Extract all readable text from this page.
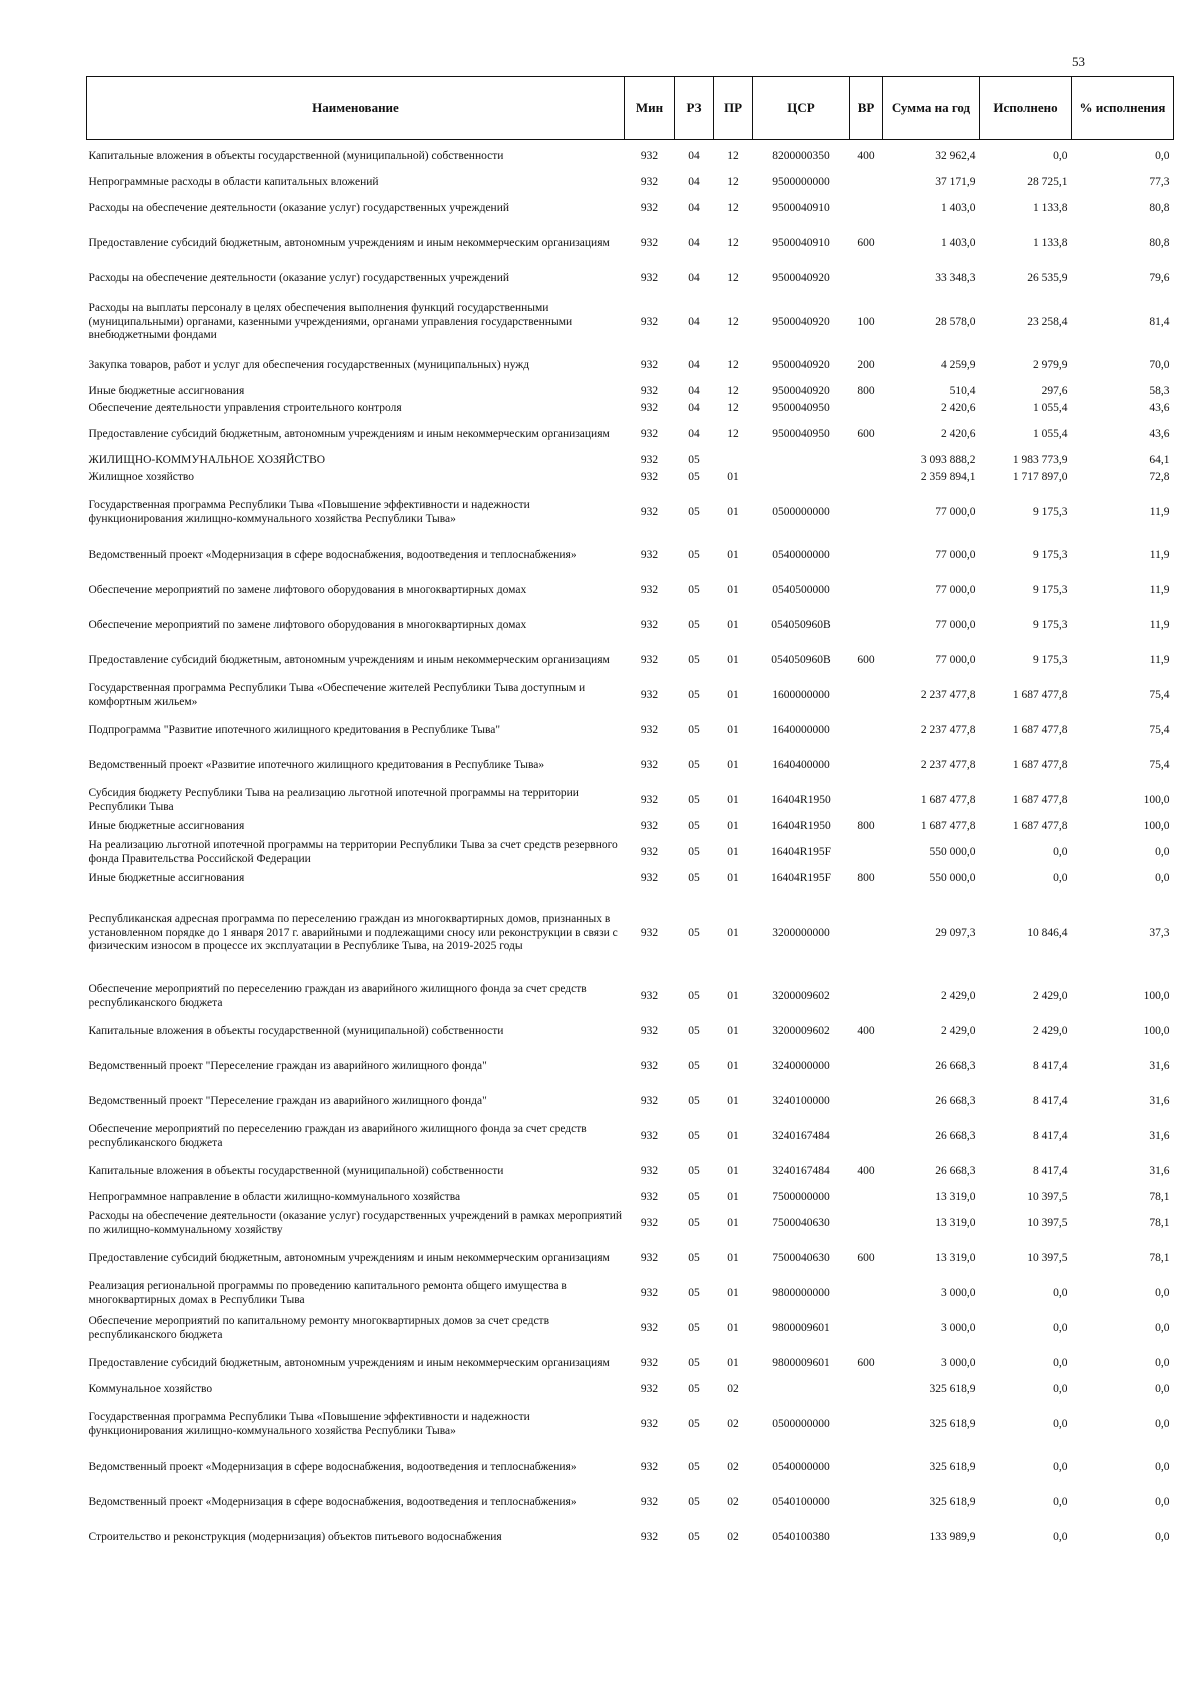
53
Наименование	Мин	РЗ	ПР	ЦСР	ВР	Сумма на год	Исполнено	% исполнения
Капитальные вложения в объекты государственной (муниципальной) собственности	932	04	12	8200000350	400	32 962,4	0,0	0,0
Непрограммные расходы в области капитальных вложений	932	04	12	9500000000		37 171,9	28 725,1	77,3
Расходы на обеспечение деятельности (оказание услуг) государственных учреждений	932	04	12	9500040910		1 403,0	1 133,8	80,8
Предоставление субсидий бюджетным, автономным учреждениям и иным некоммерческим организациям	932	04	12	9500040910	600	1 403,0	1 133,8	80,8
Расходы на обеспечение деятельности (оказание услуг) государственных учреждений	932	04	12	9500040920		33 348,3	26 535,9	79,6
Расходы на выплаты персоналу в целях обеспечения выполнения функций государственными (муниципальными) органами, казенными учреждениями, органами управления государственными внебюджетными фондами	932	04	12	9500040920	100	28 578,0	23 258,4	81,4
Закупка товаров, работ и услуг для обеспечения государственных (муниципальных) нужд	932	04	12	9500040920	200	4 259,9	2 979,9	70,0
Иные бюджетные ассигнования	932	04	12	9500040920	800	510,4	297,6	58,3
Обеспечение деятельности управления строительного контроля	932	04	12	9500040950		2 420,6	1 055,4	43,6
Предоставление субсидий бюджетным, автономным учреждениям и иным некоммерческим организациям	932	04	12	9500040950	600	2 420,6	1 055,4	43,6
ЖИЛИЩНО-КОММУНАЛЬНОЕ ХОЗЯЙСТВО	932	05				3 093 888,2	1 983 773,9	64,1
Жилищное хозяйство	932	05	01			2 359 894,1	1 717 897,0	72,8
Государственная программа Республики Тыва «Повышение эффективности и надежности функционирования жилищно-коммунального хозяйства Республики Тыва»	932	05	01	0500000000		77 000,0	9 175,3	11,9
Ведомственный проект «Модернизация в сфере водоснабжения, водоотведения и теплоснабжения»	932	05	01	0540000000		77 000,0	9 175,3	11,9
Обеспечение мероприятий по замене лифтового оборудования в многоквартирных домах	932	05	01	0540500000		77 000,0	9 175,3	11,9
Обеспечение мероприятий по замене лифтового оборудования в многоквартирных домах	932	05	01	054050960В		77 000,0	9 175,3	11,9
Предоставление субсидий бюджетным, автономным учреждениям и иным некоммерческим организациям	932	05	01	054050960В	600	77 000,0	9 175,3	11,9
Государственная программа Республики Тыва «Обеспечение жителей Республики Тыва доступным и комфортным жильем»	932	05	01	1600000000		2 237 477,8	1 687 477,8	75,4
Подпрограмма "Развитие ипотечного жилищного кредитования в Республике Тыва"	932	05	01	1640000000		2 237 477,8	1 687 477,8	75,4
Ведомственный проект «Развитие ипотечного жилищного кредитования в Республике Тыва»	932	05	01	1640400000		2 237 477,8	1 687 477,8	75,4
Субсидия бюджету Республики Тыва на реализацию льготной ипотечной программы на территории Республики Тыва	932	05	01	16404R1950		1 687 477,8	1 687 477,8	100,0
Иные бюджетные ассигнования	932	05	01	16404R1950	800	1 687 477,8	1 687 477,8	100,0
На реализацию льготной ипотечной программы на территории Республики Тыва за счет средств резервного фонда Правительства Российской Федерации	932	05	01	16404R195F		550 000,0	0,0	0,0
Иные бюджетные ассигнования	932	05	01	16404R195F	800	550 000,0	0,0	0,0
Республиканская адресная программа по переселению граждан из многоквартирных домов, признанных в установленном порядке до 1 января 2017 г. аварийными и подлежащими сносу или реконструкции в связи с физическим износом в процессе их эксплуатации в Республике Тыва, на 2019-2025 годы	932	05	01	3200000000		29 097,3	10 846,4	37,3
Обеспечение мероприятий по переселению граждан из аварийного жилищного фонда за счет средств республиканского бюджета	932	05	01	3200009602		2 429,0	2 429,0	100,0
Капитальные вложения в объекты государственной (муниципальной) собственности	932	05	01	3200009602	400	2 429,0	2 429,0	100,0
Ведомственный проект "Переселение граждан из аварийного жилищного фонда"	932	05	01	3240000000		26 668,3	8 417,4	31,6
Ведомственный проект "Переселение граждан из аварийного жилищного фонда"	932	05	01	3240100000		26 668,3	8 417,4	31,6
Обеспечение мероприятий по переселению граждан из аварийного жилищного фонда за счет средств республиканского бюджета	932	05	01	3240167484		26 668,3	8 417,4	31,6
Капитальные вложения в объекты государственной (муниципальной) собственности	932	05	01	3240167484	400	26 668,3	8 417,4	31,6
Непрограммное направление в области жилищно-коммунального хозяйства	932	05	01	7500000000		13 319,0	10 397,5	78,1
Расходы на обеспечение деятельности (оказание услуг) государственных учреждений в рамках мероприятий по жилищно-коммунальному хозяйству	932	05	01	7500040630		13 319,0	10 397,5	78,1
Предоставление субсидий бюджетным, автономным учреждениям и иным некоммерческим организациям	932	05	01	7500040630	600	13 319,0	10 397,5	78,1
Реализация региональной программы по проведению капитального ремонта общего имущества в многоквартирных домах в Республики Тыва	932	05	01	9800000000		3 000,0	0,0	0,0
Обеспечение мероприятий по капитальному ремонту многоквартирных домов за счет средств республиканского бюджета	932	05	01	9800009601		3 000,0	0,0	0,0
Предоставление субсидий бюджетным, автономным учреждениям и иным некоммерческим организациям	932	05	01	9800009601	600	3 000,0	0,0	0,0
Коммунальное хозяйство	932	05	02			325 618,9	0,0	0,0
Государственная программа Республики Тыва «Повышение эффективности и надежности функционирования жилищно-коммунального хозяйства Республики Тыва»	932	05	02	0500000000		325 618,9	0,0	0,0
Ведомственный проект «Модернизация в сфере водоснабжения, водоотведения и теплоснабжения»	932	05	02	0540000000		325 618,9	0,0	0,0
Ведомственный проект «Модернизация в сфере водоснабжения, водоотведения и теплоснабжения»	932	05	02	0540100000		325 618,9	0,0	0,0
Строительство и реконструкция (модернизация) объектов питьевого водоснабжения	932	05	02	0540100380		133 989,9	0,0	0,0
